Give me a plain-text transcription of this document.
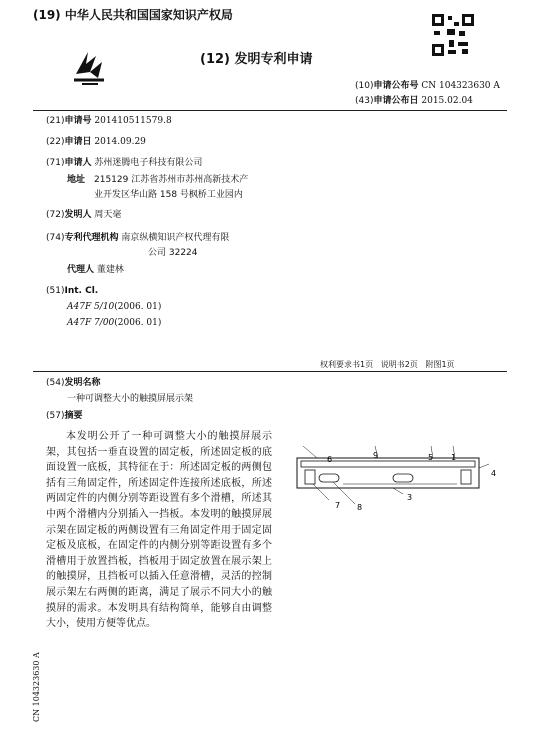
(19) 中华人民共和国国家知识产权局
(12) 发明专利申请
(10)申请公布号 CN 104323630 A
(43)申请公布日 2015.02.04
(21)申请号 201410511579.8
(22)申请日 2014.09.29
(71)申请人 苏州迷腾电子科技有限公司
地址 215129 江苏省苏州市苏州高新技术产
业开发区华山路 158 号枫桥工业园内
(72)发明人 周天毫
(74)专利代理机构 南京纵横知识产权代理有限
公司 32224
代理人 董建林
(51)Int. Cl.
A47F 5/10(2006. 01)
A47F 7/00(2006. 01)
权利要求书1页 说明书2页 附图1页
(54)发明名称
一种可调整大小的触摸屏展示架
(57)摘要

本发明公开了一种可调整大小的触摸屏展示架，其包括一垂直设置的固定板，所述固定板的底面设置一底板，其特征在于：所述固定板的两侧包括有三角固定件，所述固定件连接所述底板，所述两固定件的内侧分别等距设置有多个滑槽，所述其中两个滑槽内分别插入一挡板。本发明的触摸屏展示架在固定板的两侧设置有三角固定件用于固定固定板及底板，在固定件的内侧分别等距设置有多个滑槽用于放置挡板，挡板用于固定放置在展示架上的触摸屏，且挡板可以插入任意滑槽，灵活的控制展示架左右两侧的距离，满足了展示不同大小的触摸屏的需求。本发明具有结构简单，能够自由调整大小，使用方便等优点。

6	9	5 1
4
7 8
3
CN 104323630 A
